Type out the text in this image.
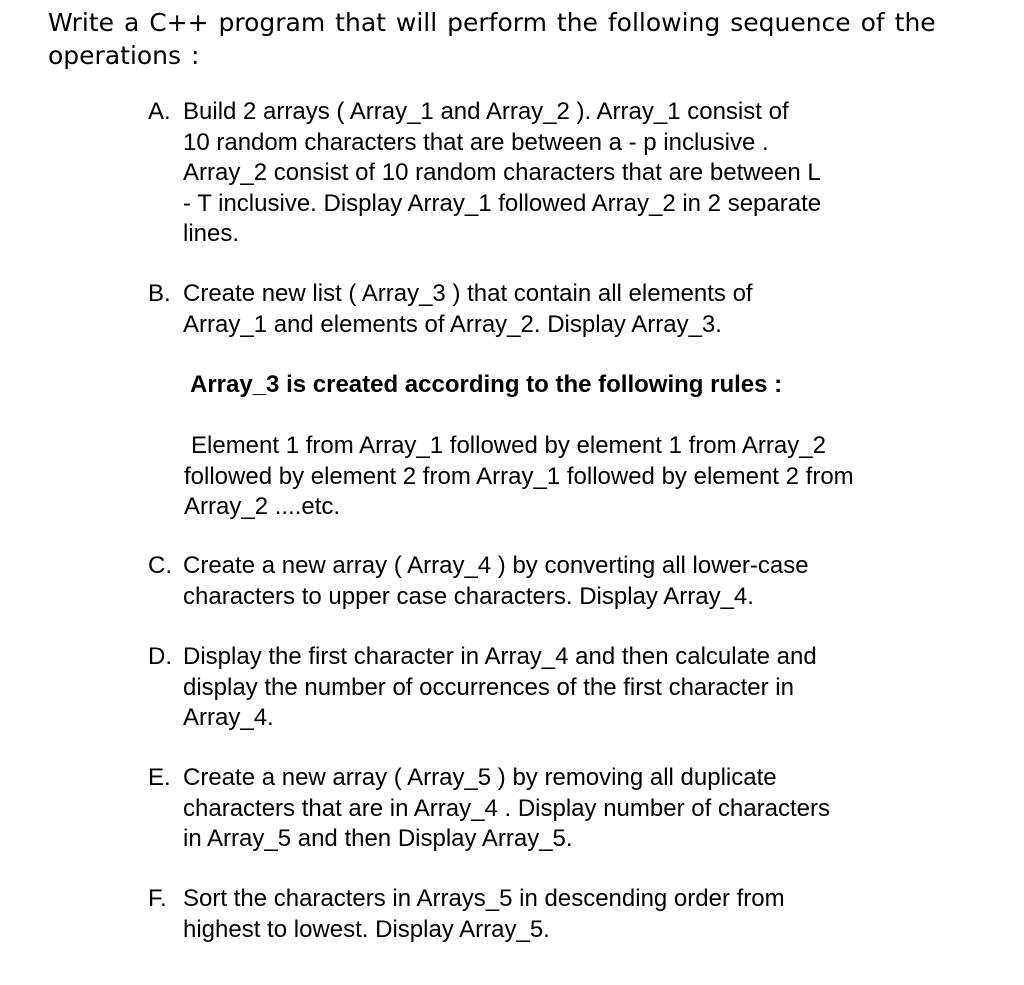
Write a C++ program that will perform the following sequence of the
operations :

A. Build 2 arrays ( Array_1 and Array_2 ). Array_1 consist of
10 random characters that are between a - p inclusive .
Array_2 consist of 10 random characters that are between L
- T inclusive. Display Array_1 followed Array_2 in 2 separate
lines.
B. Create new list ( Array_3 ) that contain all elements of
Array_1 and elements of Array_2. Display Array_3.
Array_3 is created according to the following rules :
Element 1 from Array_1 followed by element 1 from Array_2
followed by element 2 from Array_1 followed by element 2 from
Array_2 ....etc.
C. Create a new array ( Array_4 ) by converting all lower-case
characters to upper case characters. Display Array_4.
D. Display the first character in Array_4 and then calculate and
display the number of occurrences of the first character in
Array_4.
E. Create a new array ( Array_5 ) by removing all duplicate
characters that are in Array_4 . Display number of characters
in Array_5 and then Display Array_5.
F. Sort the characters in Arrays_5 in descending order from
highest to lowest. Display Array_5.
